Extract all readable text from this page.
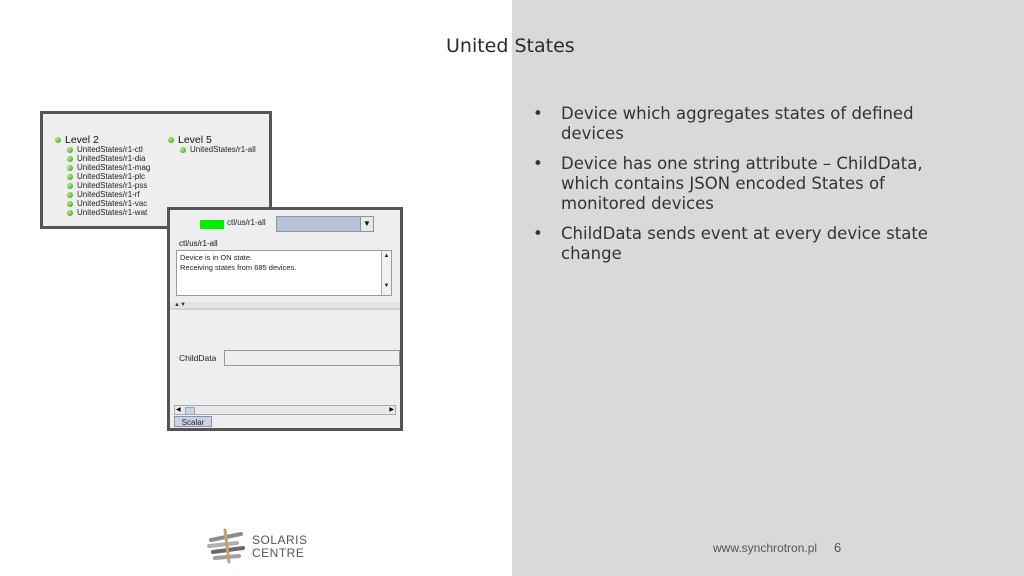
United States
Level 2
UnitedStates/r1-ctl
UnitedStates/r1-dia
UnitedStates/r1-mag
UnitedStates/r1-plc
UnitedStates/r1-pss
UnitedStates/r1-rf
UnitedStates/r1-vac
UnitedStates/r1-wat
Level 5
UnitedStates/r1-all
ctl/us/r1-all	▼
ctl/us/r1-all
Device is in ON state.
Receiving states from 685 devices.
▲

▼
▲▼
ChildData
◀	▶
Scalar
• Device which aggregates states of defined devices
• Device has one string attribute – ChildData, which contains JSON encoded States of monitored devices
• ChildData sends event at every device state change
SOLARIS
CENTRE	www.synchrotron.pl 6
